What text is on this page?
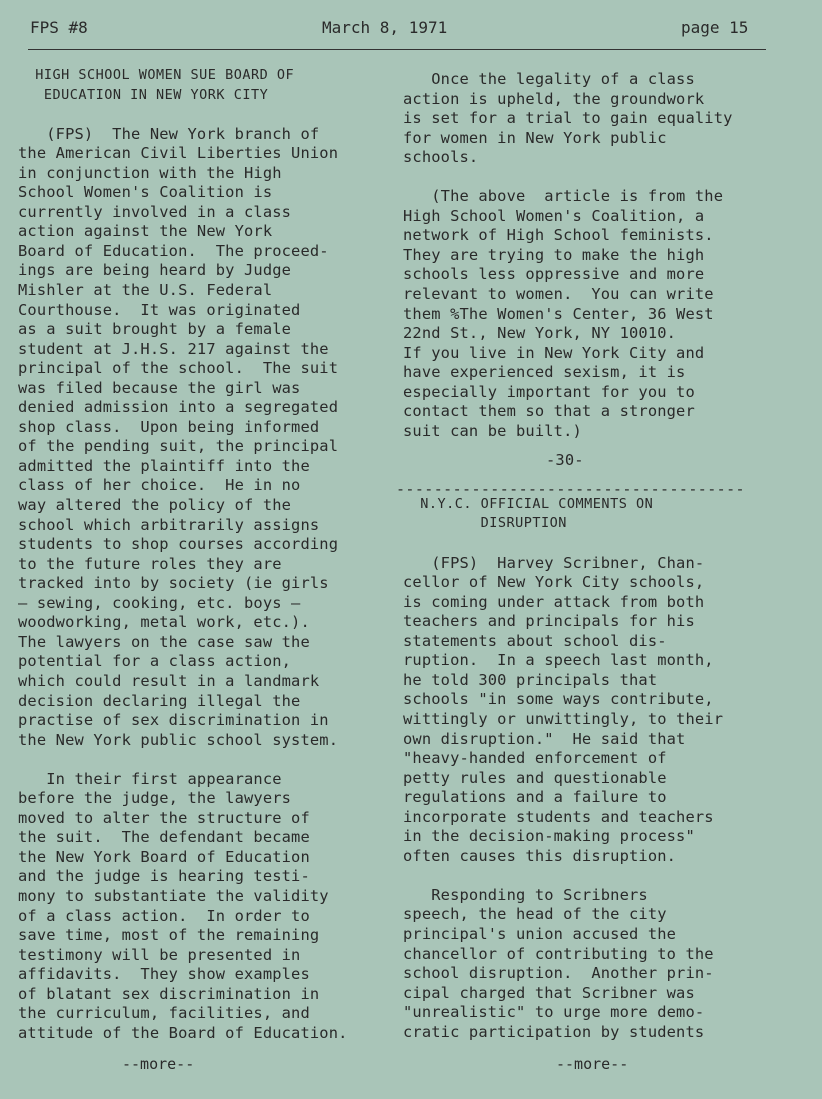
FPS #8	March 8, 1971	page 15
HIGH SCHOOL WOMEN SUE BOARD OF
EDUCATION IN NEW YORK CITY
(FPS)  The New York branch of
the American Civil Liberties Union
in conjunction with the High
School Women's Coalition is
currently involved in a class
action against the New York
Board of Education.  The proceed-
ings are being heard by Judge
Mishler at the U.S. Federal
Courthouse.  It was originated
as a suit brought by a female
student at J.H.S. 217 against the
principal of the school.  The suit
was filed because the girl was
denied admission into a segregated
shop class.  Upon being informed
of the pending suit, the principal
admitted the plaintiff into the
class of her choice.  He in no
way altered the policy of the
school which arbitrarily assigns
students to shop courses according
to the future roles they are
tracked into by society (ie girls
— sewing, cooking, etc. boys —
woodworking, metal work, etc.).
The lawyers on the case saw the
potential for a class action,
which could result in a landmark
decision declaring illegal the
practise of sex discrimination in
the New York public school system.
In their first appearance
before the judge, the lawyers
moved to alter the structure of
the suit.  The defendant became
the New York Board of Education
and the judge is hearing testi-
mony to substantiate the validity
of a class action.  In order to
save time, most of the remaining
testimony will be presented in
affidavits.  They show examples
of blatant sex discrimination in
the curriculum, facilities, and
attitude of the Board of Education.
Once the legality of a class
action is upheld, the groundwork
is set for a trial to gain equality
for women in New York public
schools.
(The above  article is from the
High School Women's Coalition, a
network of High School feminists.
They are trying to make the high
schools less oppressive and more
relevant to women.  You can write
them %The Women's Center, 36 West
22nd St., New York, NY 10010.
If you live in New York City and
have experienced sexism, it is
especially important for you to
contact them so that a stronger
suit can be built.)
-30-
N.Y.C. OFFICIAL COMMENTS ON
DISRUPTION
(FPS)  Harvey Scribner, Chan-
cellor of New York City schools,
is coming under attack from both
teachers and principals for his
statements about school dis-
ruption.  In a speech last month,
he told 300 principals that
schools "in some ways contribute,
wittingly or unwittingly, to their
own disruption."  He said that
"heavy-handed enforcement of
petty rules and questionable
regulations and a failure to
incorporate students and teachers
in the decision-making process"
often causes this disruption.
Responding to Scribners
speech, the head of the city
principal's union accused the
chancellor of contributing to the
school disruption.  Another prin-
cipal charged that Scribner was
"unrealistic" to urge more demo-
cratic participation by students
-------------------------------------
--more--	--more--
